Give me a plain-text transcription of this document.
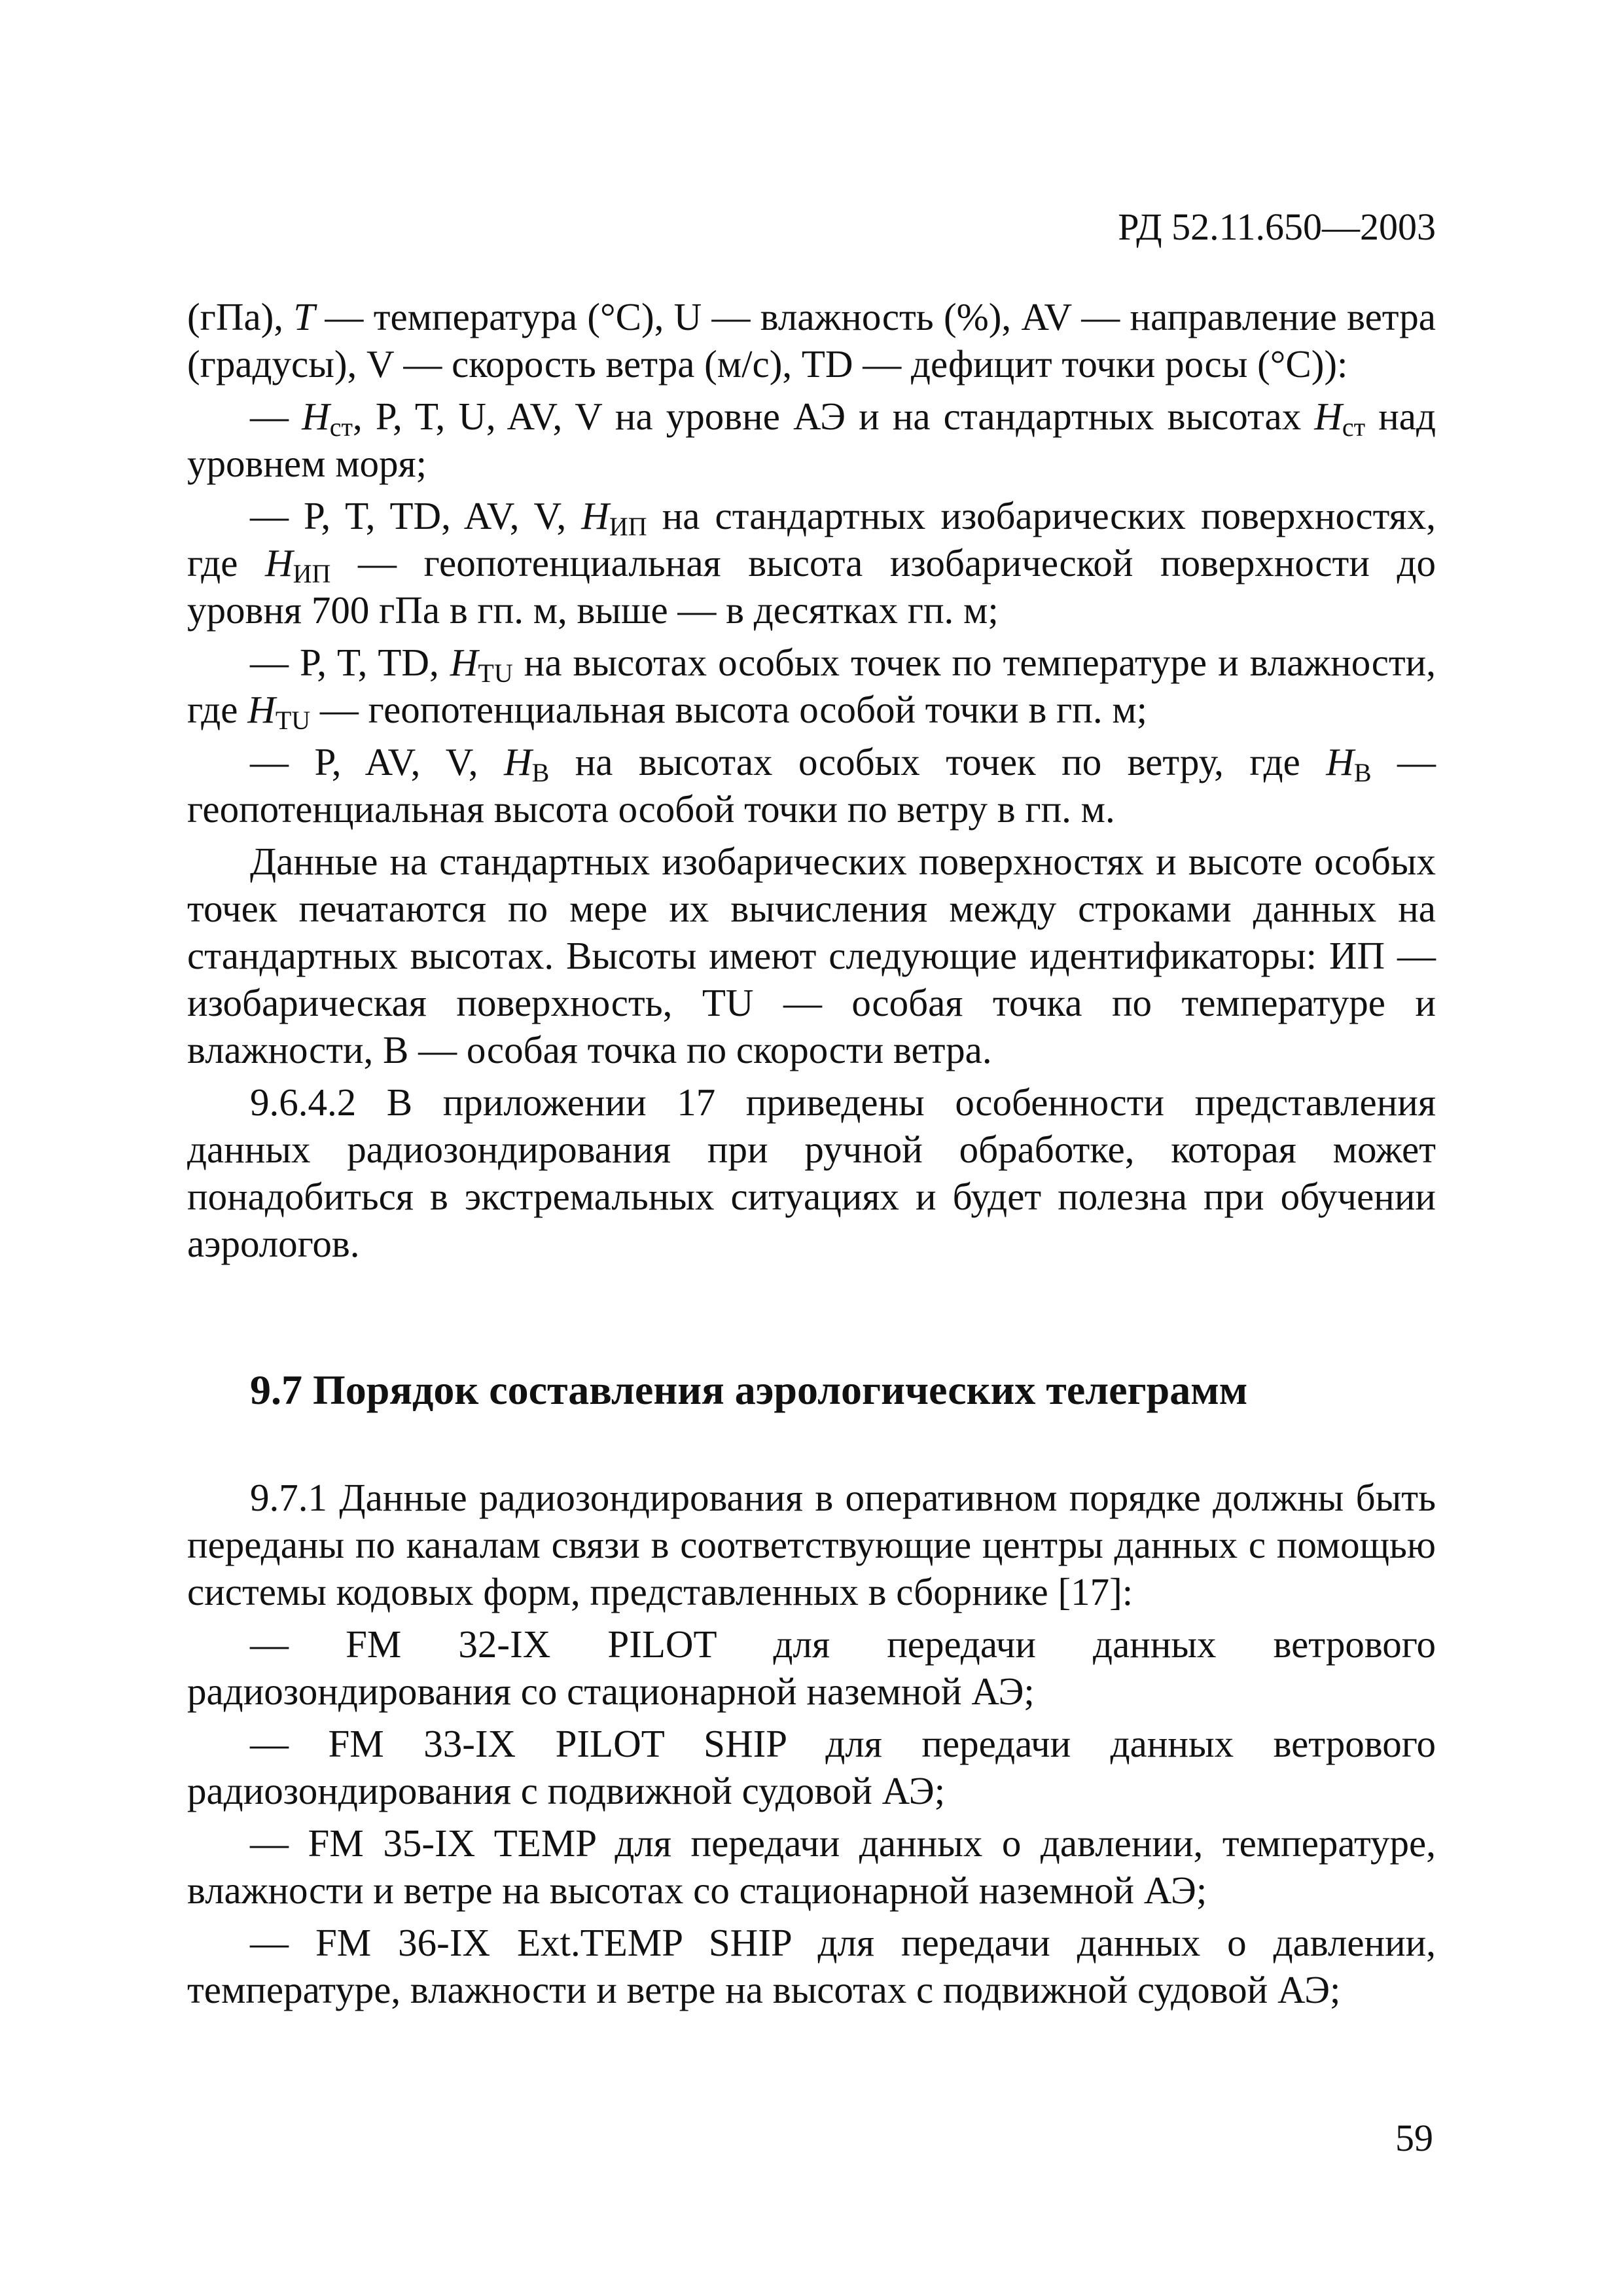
РД 52.11.650—2003

(гПа), T — температура (°C), U — влажность (%), AV — направление ветра (градусы), V — скорость ветра (м/с), TD — дефицит точки росы (°C)):

— $H_{ст}$, P, T, U, AV, V на уровне АЭ и на стандартных высотах $H_{ст}$ над уровнем моря;

— P, T, TD, AV, V, $H_{ИП}$ на стандартных изобарических поверхностях, где $H_{ИП}$ — геопотенциальная высота изобарической поверхности до уровня 700 гПа в гп. м, выше — в десятках гп. м;

— P, T, TD, $H_{TU}$ на высотах особых точек по температуре и влажности, где $H_{TU}$ — геопотенциальная высота особой точки в гп. м;

— P, AV, V, $H_B$ на высотах особых точек по ветру, где $H_B$ — геопотенциальная высота особой точки по ветру в гп. м.

Данные на стандартных изобарических поверхностях и высоте особых точек печатаются по мере их вычисления между строками данных на стандартных высотах. Высоты имеют следующие идентификаторы: ИП — изобарическая поверхность, TU — особая точка по температуре и влажности, B — особая точка по скорости ветра.

9.6.4.2 В приложении 17 приведены особенности представления данных радиозондирования при ручной обработке, которая может понадобиться в экстремальных ситуациях и будет полезна при обучении аэрологов.

9.7 Порядок составления аэрологических телеграмм

9.7.1 Данные радиозондирования в оперативном порядке должны быть переданы по каналам связи в соответствующие центры данных с помощью системы кодовых форм, представленных в сборнике [17]:

— FM 32-IX PILOT для передачи данных ветрового радиозондирования со стационарной наземной АЭ;

— FM 33-IX PILOT SHIP для передачи данных ветрового радиозондирования с подвижной судовой АЭ;

— FM 35-IX TEMP для передачи данных о давлении, температуре, влажности и ветре на высотах со стационарной наземной АЭ;

— FM 36-IX Ext.TEMP SHIP для передачи данных о давлении, температуре, влажности и ветре на высотах с подвижной судовой АЭ;

59
